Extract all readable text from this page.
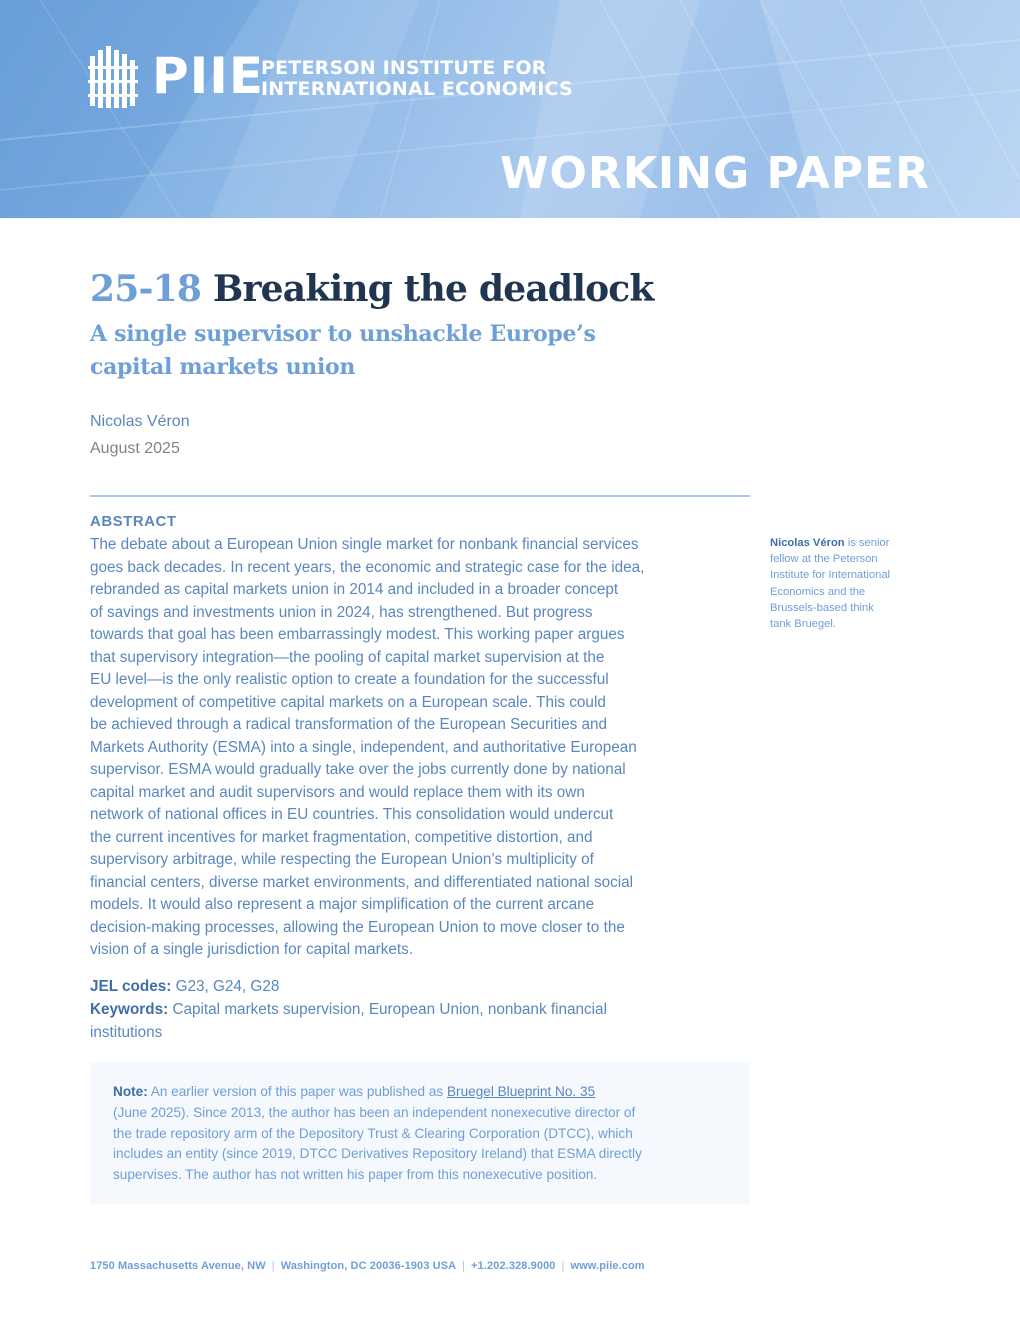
PIIE
PETERSON INSTITUTE FOR
INTERNATIONAL ECONOMICS
WORKING PAPER
25-18 Breaking the deadlock
A single supervisor to unshackle Europe’s
capital markets union
Nicolas Véron
August 2025
ABSTRACT
The debate about a European Union single market for nonbank financial services
goes back decades. In recent years, the economic and strategic case for the idea,
rebranded as capital markets union in 2014 and included in a broader concept
of savings and investments union in 2024, has strengthened. But progress
towards that goal has been embarrassingly modest. This working paper argues
that supervisory integration—the pooling of capital market supervision at the
EU level—is the only realistic option to create a foundation for the successful
development of competitive capital markets on a European scale. This could
be achieved through a radical transformation of the European Securities and
Markets Authority (ESMA) into a single, independent, and authoritative European
supervisor. ESMA would gradually take over the jobs currently done by national
capital market and audit supervisors and would replace them with its own
network of national offices in EU countries. This consolidation would undercut
the current incentives for market fragmentation, competitive distortion, and
supervisory arbitrage, while respecting the European Union’s multiplicity of
financial centers, diverse market environments, and differentiated national social
models. It would also represent a major simplification of the current arcane
decision-making processes, allowing the European Union to move closer to the
vision of a single jurisdiction for capital markets.
JEL codes: G23, G24, G28
Keywords: Capital markets supervision, European Union, nonbank financial
institutions
Nicolas Véron is senior
fellow at the Peterson
Institute for International
Economics and the
Brussels-based think
tank Bruegel.
Note: An earlier version of this paper was published as Bruegel Blueprint No. 35
(June 2025). Since 2013, the author has been an independent nonexecutive director of
the trade repository arm of the Depository Trust & Clearing Corporation (DTCC), which
includes an entity (since 2019, DTCC Derivatives Repository Ireland) that ESMA directly
supervises. The author has not written his paper from this nonexecutive position.
1750 Massachusetts Avenue, NW | Washington, DC 20036-1903 USA | +1.202.328.9000 | www.piie.com
